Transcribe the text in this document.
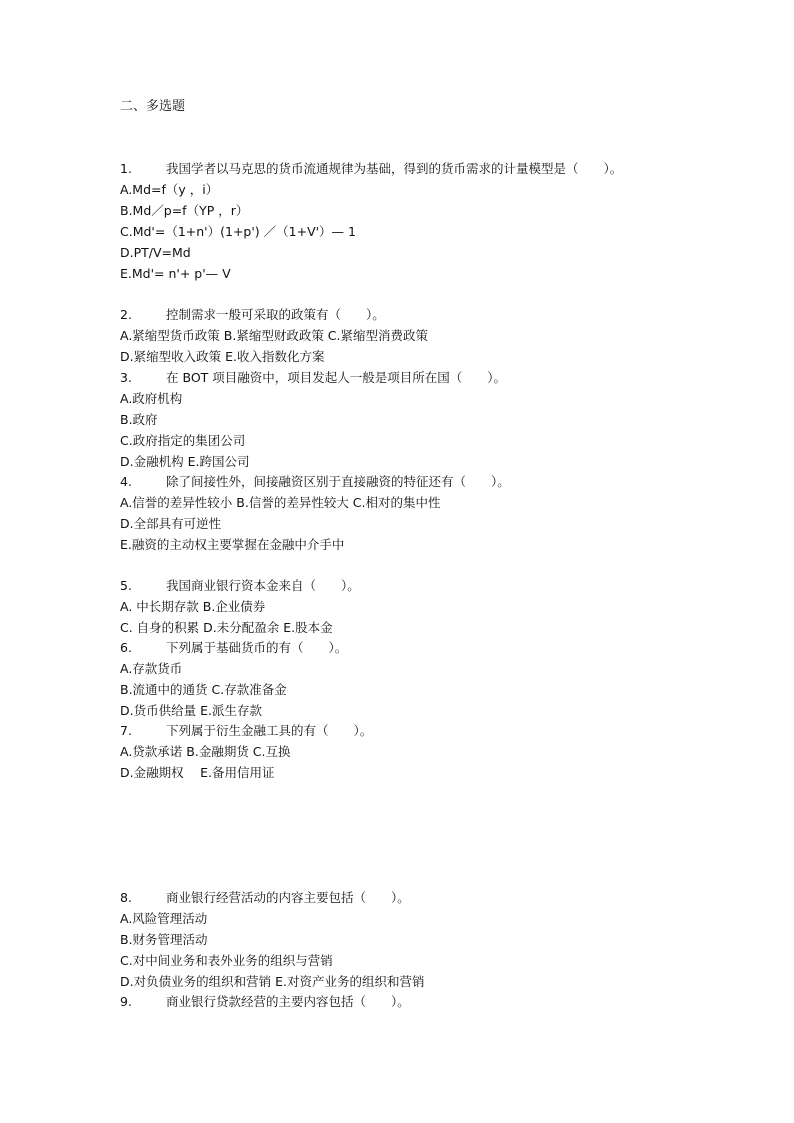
二、多选题
1.	我国学者以马克思的货币流通规律为基础，得到的货币需求的计量模型是（　　）。
A.Md=f（y ，i）
B.Md／p=f（YP ，r）
C.Md'=（1+n'）(1+p') ／（1+V'）— 1
D.PT/V=Md
E.Md'= n'+ p'— V
2.	控制需求一般可采取的政策有（　　）。
A.紧缩型货币政策 B.紧缩型财政政策 C.紧缩型消费政策
D.紧缩型收入政策 E.收入指数化方案
3.	在 BOT 项目融资中，项目发起人一般是项目所在国（　　）。
A.政府机构
B.政府
C.政府指定的集团公司
D.金融机构 E.跨国公司
4.	除了间接性外，间接融资区别于直接融资的特征还有（　　）。
A.信誉的差异性较小 B.信誉的差异性较大 C.相对的集中性
D.全部具有可逆性
E.融资的主动权主要掌握在金融中介手中
5.	我国商业银行资本金来自（　　）。
A. 中长期存款 B.企业债券
C. 自身的积累 D.未分配盈余 E.股本金
6.	下列属于基础货币的有（　　）。
A.存款货币
B.流通中的通货 C.存款准备金
D.货币供给量 E.派生存款
7.	下列属于衍生金融工具的有（　　）。
A.贷款承诺 B.金融期货 C.互换
D.金融期权　 E.备用信用证
8.	商业银行经营活动的内容主要包括（　　）。
A.风险管理活动
B.财务管理活动
C.对中间业务和表外业务的组织与营销
D.对负债业务的组织和营销 E.对资产业务的组织和营销
9.	商业银行贷款经营的主要内容包括（　　）。
